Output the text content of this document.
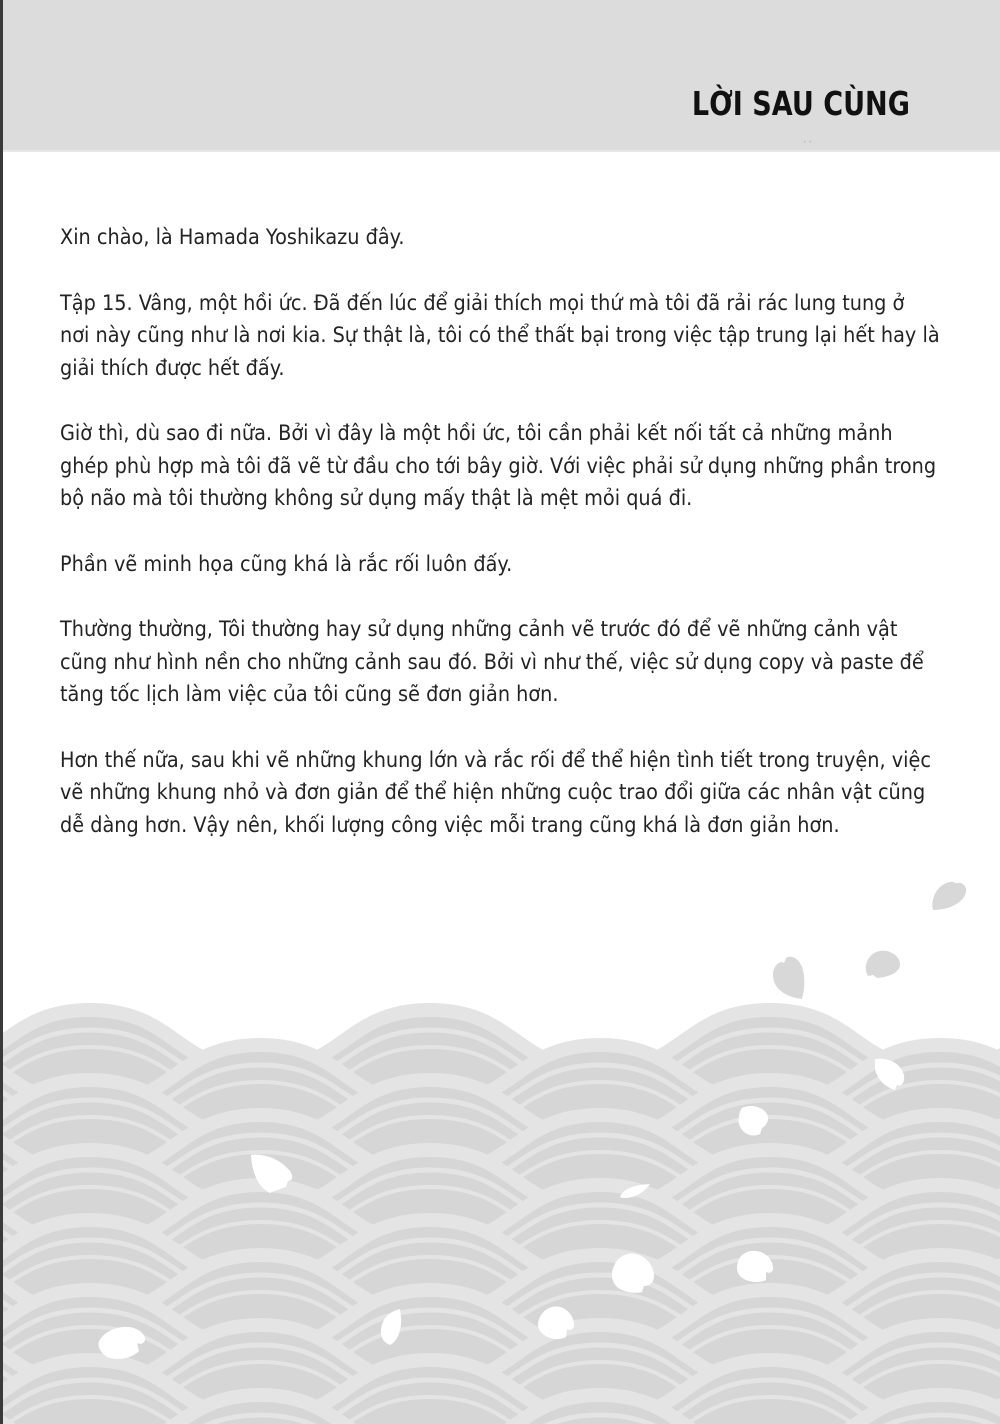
LỜI SAU CÙNG
• •

Xin chào, là Hamada Yoshikazu đây.

Tập 15. Vâng, một hồi ức. Đã đến lúc để giải thích mọi thứ mà tôi đã rải rác lung tung ở nơi này cũng như là nơi kia. Sự thật là, tôi có thể thất bại trong việc tập trung lại hết hay là giải thích được hết đấy.

Giờ thì, dù sao đi nữa. Bởi vì đây là một hồi ức, tôi cần phải kết nối tất cả những mảnh ghép phù hợp mà tôi đã vẽ từ đầu cho tới bây giờ. Với việc phải sử dụng những phần trong bộ não mà tôi thường không sử dụng mấy thật là mệt mỏi quá đi.

Phần vẽ minh họa cũng khá là rắc rối luôn đấy.

Thường thường, Tôi thường hay sử dụng những cảnh vẽ trước đó để vẽ những cảnh vật cũng như hình nền cho những cảnh sau đó. Bởi vì như thế, việc sử dụng copy và paste để tăng tốc lịch làm việc của tôi cũng sẽ đơn giản hơn.

Hơn thế nữa, sau khi vẽ những khung lớn và rắc rối để thể hiện tình tiết trong truyện, việc vẽ những khung nhỏ và đơn giản để thể hiện những cuộc trao đổi giữa các nhân vật cũng dễ dàng hơn. Vậy nên, khối lượng công việc mỗi trang cũng khá là đơn giản hơn.
